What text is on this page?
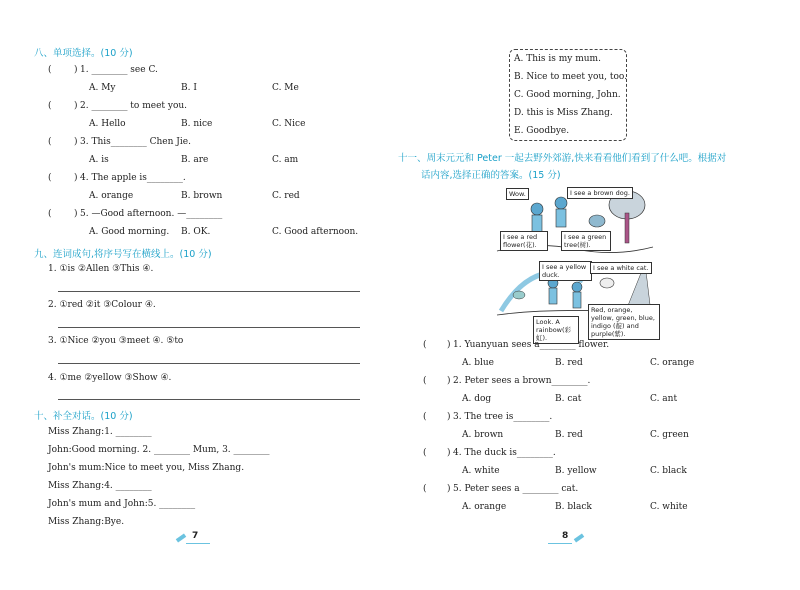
八、单项选择。(10 分)
( ) 1. ________ see C.
A. My	B. I	C. Me
( ) 2. ________ to meet you.
A. Hello	B. nice	C. Nice
( ) 3. This________ Chen Jie.
A. is	B. are	C. am
( ) 4. The apple is________.
A. orange	B. brown	C. red
( ) 5. —Good afternoon. —________
A. Good morning. B. OK.	C. Good afternoon.
九、连词成句,将序号写在横线上。(10 分)
1. ①is ②Allen ③This ④.
2. ①red ②it ③Colour ④.
3. ①Nice ②you ③meet ④. ⑤to
4. ①me ②yellow ③Show ④.
十、补全对话。(10 分)
Miss Zhang:1. ________
John:Good morning. 2. ________ Mum, 3. ________
John's mum:Nice to meet you, Miss Zhang.
Miss Zhang:4. ________
John's mum and John:5. ________
Miss Zhang:Bye.
7
A. This is my mum.
B. Nice to meet you, too.
C. Good morning, John.
D. this is Miss Zhang.
E. Goodbye.
十一、周末元元和 Peter 一起去野外郊游,快来看看他们看到了什么吧。根据对
话内容,选择正确的答案。(15 分)
Wow.	I see a brown dog.
I see a red flower(花).
I see a green tree(树).
I see a yellow duck.
I see a white cat.
Look. A rainbow(彩虹).
Red, orange, yellow, green, blue, indigo (靛) and purple(紫).
( ) 1. Yuanyuan sees a________ flower.
A. blue	B. red	C. orange
( ) 2. Peter sees a brown________.
A. dog	B. cat	C. ant
( ) 3. The tree is________.
A. brown	B. red	C. green
( ) 4. The duck is________.
A. white	B. yellow	C. black
( ) 5. Peter sees a ________ cat.
A. orange	B. black	C. white
8
